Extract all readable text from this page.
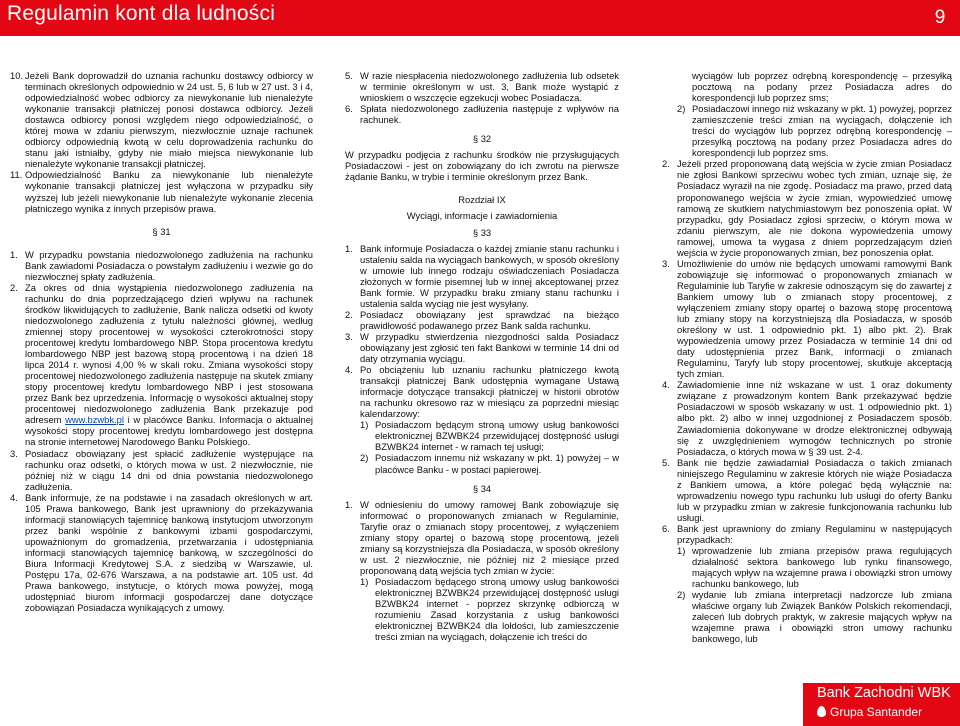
Regulamin kont dla ludności	9
10. Jeżeli Bank doprowadził do uznania rachunku dostawcy odbiorcy w terminach określonych odpowiednio w 24 ust. 5, 6 lub w 27 ust. 3 i 4, odpowiedzialność wobec odbiorcy za niewykonanie lub nienależyte wykonanie transakcji płatniczej ponosi dostawca odbiorcy. Jeżeli dostawca odbiorcy ponosi względem niego odpowiedzialność, o której mowa w zdaniu pierwszym, niezwłocznie uznaje rachunek odbiorcy odpowiednią kwotą w celu doprowadzenia rachunku do stanu jaki istniałby, gdyby nie miało miejsca niewykonanie lub nienależyte wykonanie transakcji płatniczej.
11. Odpowiedzialność Banku za niewykonanie lub nienależyte wykonanie transakcji płatniczej jest wyłączona w przypadku siły wyższej lub jeżeli niewykonanie lub nienależyte wykonanie zlecenia płatniczego wynika z innych przepisów prawa.

§ 31

1. W przypadku powstania niedozwolonego zadłużenia na rachunku Bank zawiadomi Posiadacza o powstałym zadłużeniu i wezwie go do niezwłocznej spłaty zadłużenia.
2. Za okres od dnia wystąpienia niedozwolonego zadłużenia na rachunku do dnia poprzedzającego dzień wpływu na rachunek środków likwidujących to zadłużenie, Bank nalicza odsetki od kwoty niedozwolonego zadłużenia z tytułu należności głównej, według zmiennej stopy procentowej w wysokości czterokrotności stopy procentowej kredytu lombardowego NBP. Stopa procentowa kredytu lombardowego NBP jest bazową stopą procentową i na dzień 18 lipca 2014 r. wynosi 4,00 % w skali roku. Zmiana wysokości stopy procentowej niedozwolonego zadłużenia następuje na skutek zmiany stopy procentowej kredytu lombardowego NBP i jest stosowana przez Bank bez uprzedzenia. Informację o wysokości aktualnej stopy procentowej niedozwolonego zadłużenia Bank przekazuje pod adresem www.bzwbk.pl i w placówce Banku. Informacja o aktualnej wysokości stopy procentowej kredytu lombardowego jest dostępna na stronie internetowej Narodowego Banku Polskiego.
3. Posiadacz obowiązany jest spłacić zadłużenie występujące na rachunku oraz odsetki, o których mowa w ust. 2 niezwłocznie, nie później niż w ciągu 14 dni od dnia powstania niedozwolonego zadłużenia.
4. Bank informuje, że na podstawie i na zasadach określonych w art. 105 Prawa bankowego, Bank jest uprawniony do przekazywania informacji stanowiących tajemnicę bankową instytucjom utworzonym przez banki wspólnie z bankowymi izbami gospodarczymi, upoważnionym do gromadzenia, przetwarzania i udostępniania informacji stanowiących tajemnicę bankową, w szczególności do Biura Informacji Kredytowej S.A. z siedzibą w Warszawie, ul. Postępu 17a, 02-676 Warszawa, a na podstawie art. 105 ust. 4d Prawa bankowego, instytucje, o których mowa powyżej, mogą udostępniać biurom informacji gospodarczej dane dotyczące zobowiązań Posiadacza wynikających z umowy.
5. W razie niespłacenia niedozwolonego zadłużenia lub odsetek w terminie określonym w ust. 3, Bank może wystąpić z wnioskiem o wszczęcie egzekucji wobec Posiadacza.
6. Spłata niedozwolonego zadłużenia następuje z wpływów na rachunek.

§ 32

W przypadku podjęcia z rachunku środków nie przysługujących Posiadaczowi - jest on zobowiązany do ich zwrotu na pierwsze żądanie Banku, w trybie i terminie określonym przez Bank.

Rozdział IX

Wyciągi, informacje i zawiadomienia

§ 33

1. Bank informuje Posiadacza o każdej zmianie stanu rachunku i ustaleniu salda na wyciągach bankowych, w sposób określony w umowie lub innego rodzaju oświadczeniach Posiadacza złożonych w formie pisemnej lub w innej akceptowanej przez Bank formie. W przypadku braku zmiany stanu rachunku i ustalenia salda wyciąg nie jest wysyłany.
2. Posiadacz obowiązany jest sprawdzać na bieżąco prawidłowość podawanego przez Bank salda rachunku.
3. W przypadku stwierdzenia niezgodności salda Posiadacz obowiązany jest zgłosić ten fakt Bankowi w terminie 14 dni od daty otrzymania wyciągu.
4. Po obciążeniu lub uznaniu rachunku płatniczego kwotą transakcji płatniczej Bank udostępnia wymagane Ustawą informacje dotyczące transakcji płatniczej w historii obrotów na rachunku okresowo raz w miesiącu za poprzedni miesiąc kalendarzowy:
1) Posiadaczom będącym stroną umowy usług bankowości elektronicznej BZWBK24 przewidującej dostępność usługi BZWBK24 internet - w ramach tej usługi;
2) Posiadaczom innemu niż wskazany w pkt. 1) powyżej – w placówce Banku - w postaci papierowej.

§ 34

1. W odniesieniu do umowy ramowej Bank zobowiązuje się informować o proponowanych zmianach w Regulaminie, Taryfie oraz o zmianach stopy procentowej, z wyłączeniem zmiany stopy opartej o bazową stopę procentową, jeżeli zmiany są korzystniejsza dla Posiadacza, w sposób określony w ust. 2 niezwłocznie, nie później niż 2 miesiące przed proponowaną datą wejścia tych zmian w życie:
1) Posiadaczom będącego stroną umowy usług bankowości elektronicznej BZWBK24 przewidującej dostępność usługi BZWBK24 internet - poprzez skrzynkę odbiorczą w rozumieniu Zasad korzystania z usług bankowości elektronicznej BZWBK24 dla lołdości, lub zamieszczenie treści zmian na wyciągach, dołączenie ich treści do
wyciągów lub poprzez odrębną korespondencję – przesyłką pocztową na podany przez Posiadacza adres do korespondencji lub poprzez sms;
2) Posiadaczowi innego niż wskazany w pkt. 1) powyżej, poprzez zamieszczenie treści zmian na wyciągach, dołączenie ich treści do wyciągów lub poprzez odrębną korespondencję – przesyłką pocztową na podany przez Posiadacza adres do korespondencji lub poprzez sms.
2. Jeżeli przed proponowaną datą wejścia w życie zmian Posiadacz nie zgłosi Bankowi sprzeciwu wobec tych zmian, uznaje się, że Posiadacz wyraził na nie zgodę. Posiadacz ma prawo, przed datą proponowanego wejścia w życie zmian, wypowiedzieć umowę ramową ze skutkiem natychmiastowym bez ponoszenia opłat. W przypadku, gdy Posiadacz zgłosi sprzeciw, o którym mowa w zdaniu pierwszym, ale nie dokona wypowiedzenia umowy ramowej, umowa ta wygasa z dniem poprzedzającym dzień wejścia w życie proponowanych zmian, bez ponoszenia opłat.
3. Umożliwienie do umów nie będących umowami ramowymi Bank zobowiązuje się informować o proponowanych zmianach w Regulaminie lub Taryfie w zakresie odnoszącym się do zawartej z Bankiem umowy lub o zmianach stopy procentowej, z wyłączeniem zmiany stopy opartej o bazową stopę procentową lub zmiany stopy na korzystniejszą dla Posiadacza, w sposób określony w ust. 1 odpowiednio pkt. 1) albo pkt. 2). Brak wypowiedzenia umowy przez Posiadacza w terminie 14 dni od daty udostępnienia przez Bank, informacji o zmianach Regulaminu, Taryfy lub stopy procentowej, skutkuje akceptacją tych zmian.
4. Zawiadomienie inne niż wskazane w ust. 1 oraz dokumenty związane z prowadzonym kontem Bank przekazywać będzie Posiadaczowi w sposób wskazany w ust. 1 odpowiednio pkt. 1) albo pkt. 2) albo w innej uzgodnionej z Posiadaczem sposób. Zawiadomienia dokonywane w drodze elektronicznej odbywają się z uwzględnieniem wymogów technicznych po stronie Posiadacza, o których mowa w § 39 ust. 2-4.
5. Bank nie będzie zawiadamiał Posiadacza o takich zmianach niniejszego Regulaminu w zakresie których nie wiąże Posiadacza z Bankiem umowa, a które polegać będą wyłącznie na: wprowadzeniu nowego typu rachunku lub usługi do oferty Banku lub w przypadku zmian w zakresie funkcjonowania rachunku lub usługi.
6. Bank jest uprawniony do zmiany Regulaminu w następujących przypadkach:
1) wprowadzenie lub zmiana przepisów prawa regulujących działalność sektora bankowego lub rynku finansowego, mających wpływ na wzajemne prawa i obowiązki stron umowy rachunku bankowego, lub
2) wydanie lub zmiana interpretacji nadzorcze lub zmiana właściwe organy lub Związek Banków Polskich rekomendacji, zaleceń lub dobrych praktyk, w zakresie mających wpływ na wzajemne prawa i obowiązki stron umowy rachunku bankowego, lub
Bank Zachodni WBK
Grupa Santander
